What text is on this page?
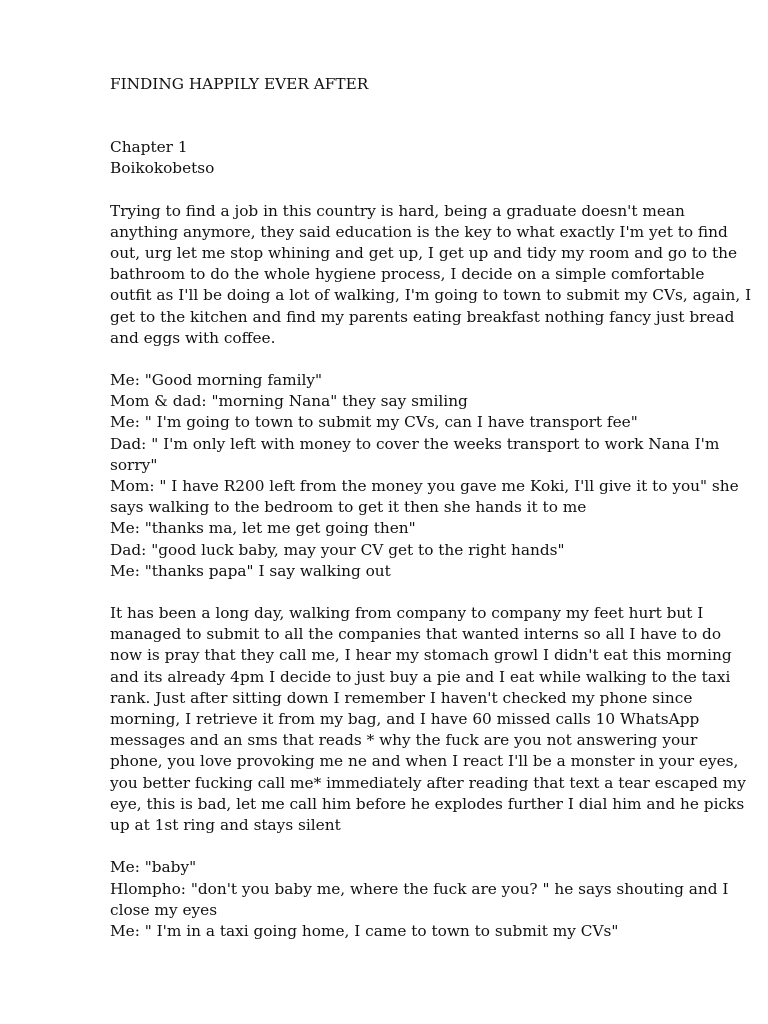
FINDING HAPPILY EVER AFTER
Chapter 1
Boikokobetso

Trying to find a job in this country is hard, being a graduate doesn't mean
anything anymore, they said education is the key to what exactly I'm yet to find
out, urg let me stop whining and get up, I get up and tidy my room and go to the
bathroom to do the whole hygiene process, I decide on a simple comfortable
outfit as I'll be doing a lot of walking, I'm going to town to submit my CVs, again, I
get to the kitchen and find my parents eating breakfast nothing fancy just bread
and eggs with coffee.

Me: "Good morning family"
Mom & dad: "morning Nana" they say smiling
Me: " I'm going to town to submit my CVs, can I have transport fee"
Dad: " I'm only left with money to cover the weeks transport to work Nana I'm
sorry"
Mom: " I have R200 left from the money you gave me Koki, I'll give it to you" she
says walking to the bedroom to get it then she hands it to me
Me: "thanks ma, let me get going then"
Dad: "good luck baby, may your CV get to the right hands"
Me: "thanks papa" I say walking out

It has been a long day, walking from company to company my feet hurt but I
managed to submit to all the companies that wanted interns so all I have to do
now is pray that they call me, I hear my stomach growl I didn't eat this morning
and its already 4pm I decide to just buy a pie and I eat while walking to the taxi
rank. Just after sitting down I remember I haven't checked my phone since
morning, I retrieve it from my bag, and I have 60 missed calls 10 WhatsApp
messages and an sms that reads * why the fuck are you not answering your
phone, you love provoking me ne and when I react I'll be a monster in your eyes,
you better fucking call me* immediately after reading that text a tear escaped my
eye, this is bad, let me call him before he explodes further I dial him and he picks
up at 1st ring and stays silent

Me: "baby"
Hlompho: "don't you baby me, where the fuck are you? " he says shouting and I
close my eyes
Me: " I'm in a taxi going home, I came to town to submit my CVs"
